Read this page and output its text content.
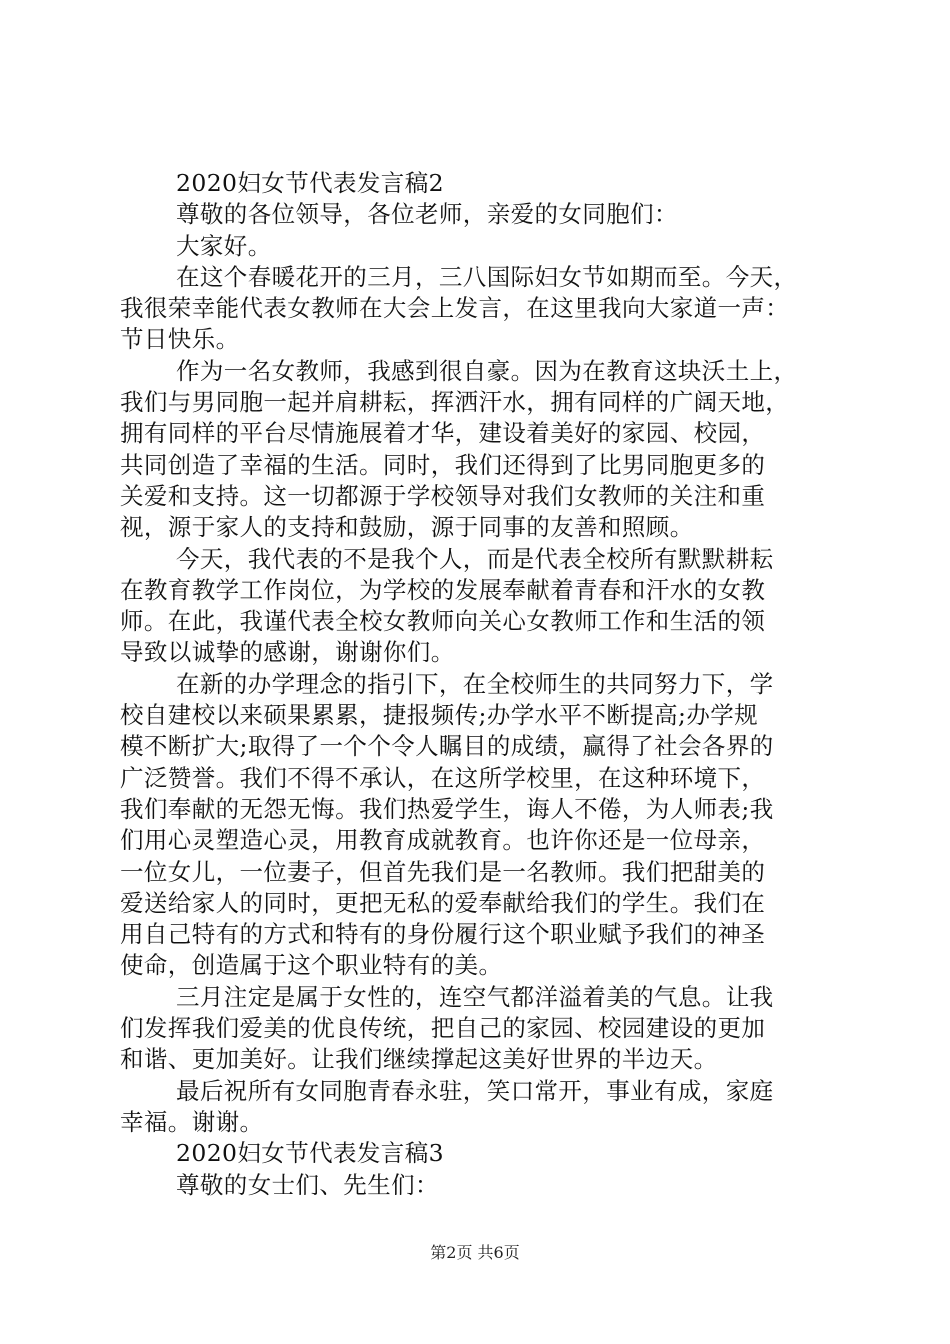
2020妇女节代表发言稿2
尊敬的各位领导，各位老师，亲爱的女同胞们：
大家好。
在这个春暖花开的三月，三八国际妇女节如期而至。今天，
我很荣幸能代表女教师在大会上发言，在这里我向大家道一声：
节日快乐。
作为一名女教师，我感到很自豪。因为在教育这块沃土上，
我们与男同胞一起并肩耕耘，挥洒汗水，拥有同样的广阔天地，
拥有同样的平台尽情施展着才华，建设着美好的家园、校园，
共同创造了幸福的生活。同时，我们还得到了比男同胞更多的
关爱和支持。这一切都源于学校领导对我们女教师的关注和重
视，源于家人的支持和鼓励，源于同事的友善和照顾。
今天，我代表的不是我个人，而是代表全校所有默默耕耘
在教育教学工作岗位，为学校的发展奉献着青春和汗水的女教
师。在此，我谨代表全校女教师向关心女教师工作和生活的领
导致以诚挚的感谢，谢谢你们。
在新的办学理念的指引下，在全校师生的共同努力下，学
校自建校以来硕果累累，捷报频传;办学水平不断提高;办学规
模不断扩大;取得了一个个令人瞩目的成绩，赢得了社会各界的
广泛赞誉。我们不得不承认，在这所学校里，在这种环境下，
我们奉献的无怨无悔。我们热爱学生，诲人不倦，为人师表;我
们用心灵塑造心灵，用教育成就教育。也许你还是一位母亲，
一位女儿，一位妻子，但首先我们是一名教师。我们把甜美的
爱送给家人的同时，更把无私的爱奉献给我们的学生。我们在
用自己特有的方式和特有的身份履行这个职业赋予我们的神圣
使命，创造属于这个职业特有的美。
三月注定是属于女性的，连空气都洋溢着美的气息。让我
们发挥我们爱美的优良传统，把自己的家园、校园建设的更加
和谐、更加美好。让我们继续撑起这美好世界的半边天。
最后祝所有女同胞青春永驻，笑口常开，事业有成，家庭
幸福。谢谢。
2020妇女节代表发言稿3
尊敬的女士们、先生们：
第2页 共6页
